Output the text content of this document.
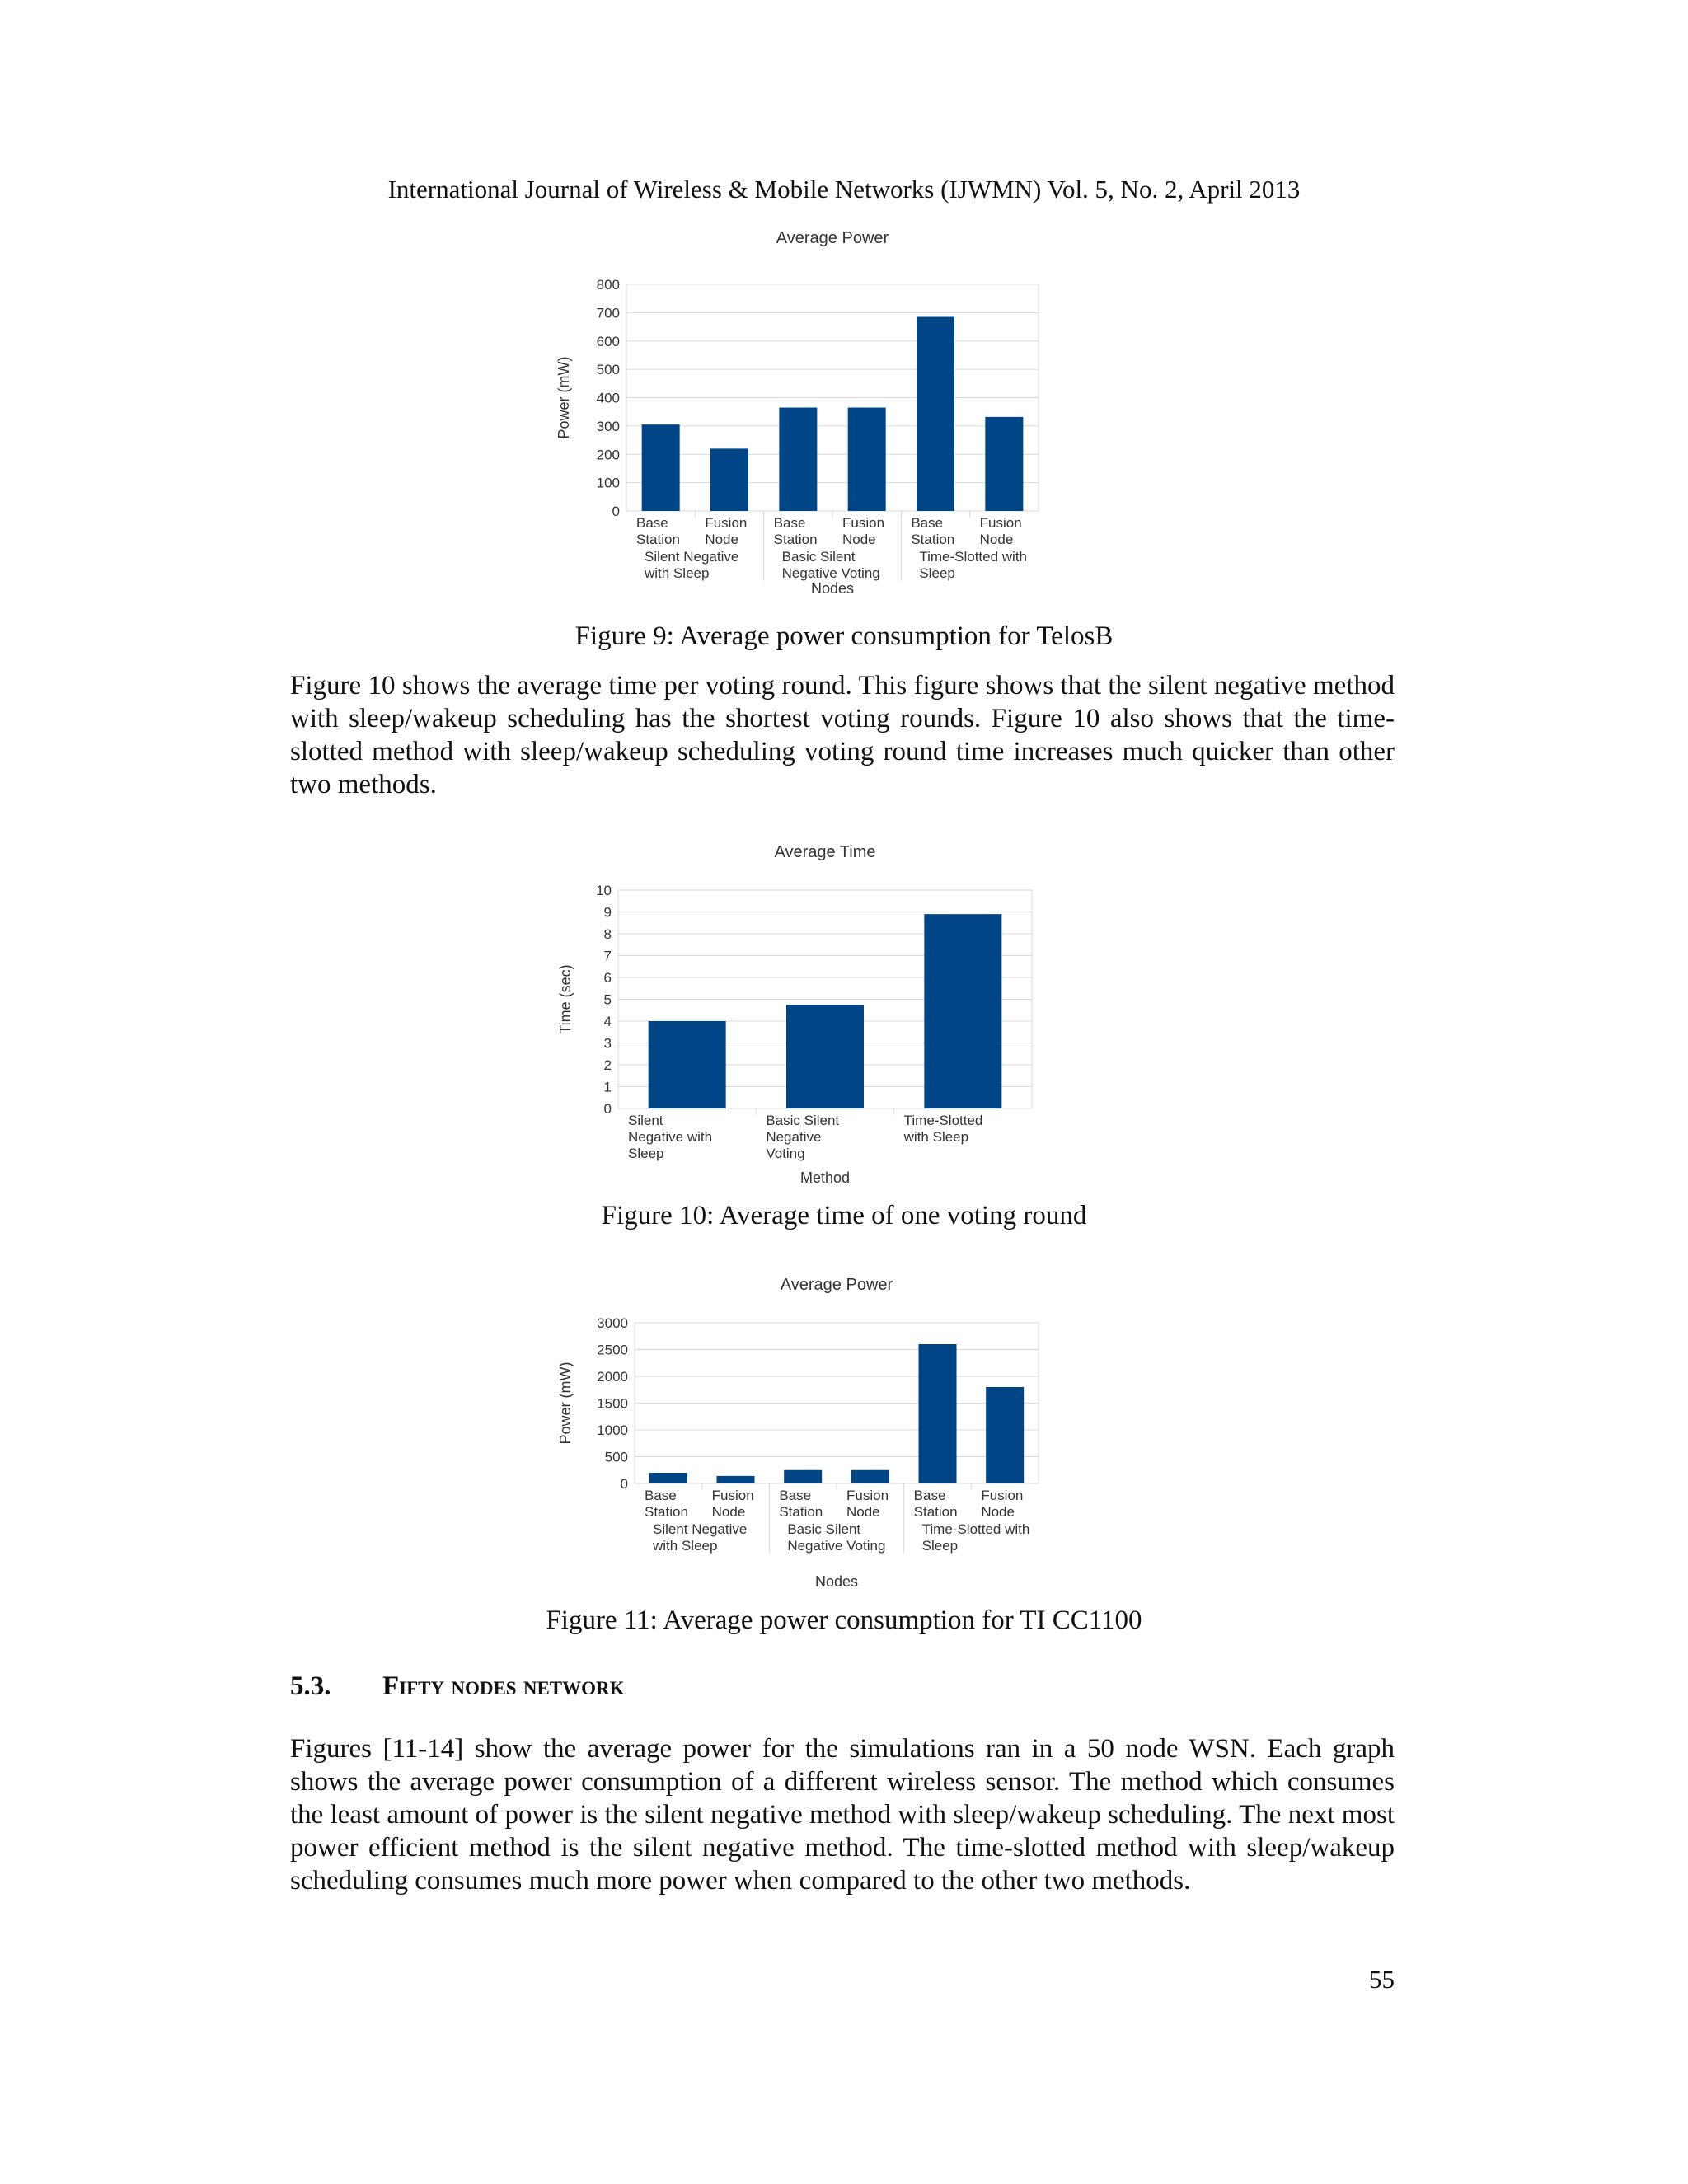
International Journal of Wireless & Mobile Networks (IJWMN) Vol. 5, No. 2, April 2013
Average Power
0
100
200
300
400
500
600
700
800
Power (mW)
Base Station
Fusion Node
Base Station
Fusion Node
Base Station
Fusion Node
Silent Negative with Sleep
Basic Silent Negative Voting
Time-Slotted with Sleep
Nodes
Figure 9: Average power consumption for TelosB
Figure 10 shows the average time per voting round. This figure shows that the silent negative method with sleep/wakeup scheduling has the shortest voting rounds. Figure 10 also shows that the time-slotted method with sleep/wakeup scheduling voting round time increases much quicker than other two methods.
Average Time
0
1
2
3
4
5
6
7
8
9
10
Time (sec)
Silent Negative with Sleep
Basic Silent Negative Voting
Time-Slotted with Sleep
Method
Figure 10: Average time of one voting round
Average Power
0
500
1000
1500
2000
2500
3000
Power (mW)
Base Station
Fusion Node
Base Station
Fusion Node
Base Station
Fusion Node
Silent Negative with Sleep
Basic Silent Negative Voting
Time-Slotted with Sleep
Nodes
Figure 11: Average power consumption for TI CC1100
5.3. Fifty nodes network
Figures [11-14] show the average power for the simulations ran in a 50 node WSN. Each graph shows the average power consumption of a different wireless sensor. The method which consumes the least amount of power is the silent negative method with sleep/wakeup scheduling. The next most power efficient method is the silent negative method. The time-slotted method with sleep/wakeup scheduling consumes much more power when compared to the other two methods.
55
